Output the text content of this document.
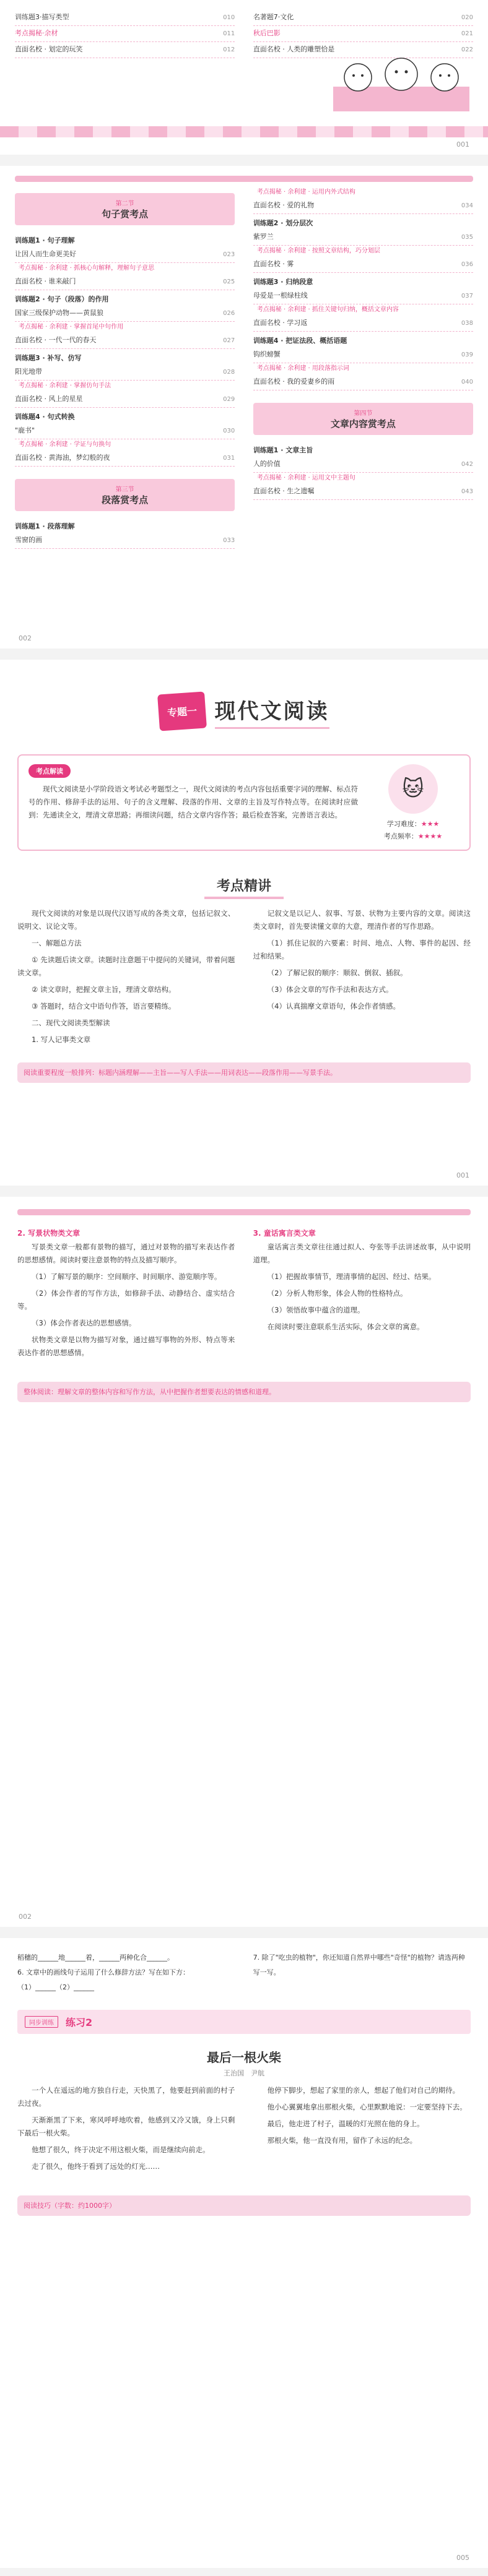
训练题3·描写类型	010
考点揭秘·余材	011
直面名校 · 划定的玩笑	012
名著题7·文化	020
秋后巴影	021
直面名校 · 人类的雕塑恰是	022
001
第二节
句子赏考点
训练题1 · 句子理解
让因人而生命更美好	023
考点揭秘 · 余利建 · 抓核心句解释，理解句子意思
直面名校 · 谁来敲门	025
训练题2 · 句子（段落）的作用
国家三级保护动物——黄鼠狼	026
考点揭秘 · 余利建 · 掌握首尾中句作用
直面名校 · 一代一代的春天	027
训练题3 · 补写、仿写
阳光地带	028
考点揭秘 · 余利建 · 掌握仿句手法
直面名校 · 风上的星星	029
训练题4 · 句式转换
"鹿书"	030
考点揭秘 · 余利建 · 学证与句换句
直面名校 · 黄海油，梦幻般的夜	031
第三节
段落赏考点
训练题1 · 段落理解
雪窗的画	033
考点揭秘 · 余利建 · 运用内外式结构
直面名校 · 爱的礼物	034
训练题2 · 划分层次
紫罗兰	035
考点揭秘 · 余利建 · 按照文章结构，巧分划层
直面名校 · 雾	036
训练题3 · 归纳段意
母爱是一根绿柱线	037
考点揭秘 · 余利建 · 抓住关键句归纳，概括文章内容
直面名校 · 学习返	038
训练题4 · 把证法段、概括语题
钩织螃蟹	039
考点揭秘 · 余利建 · 用段落指示词
直面名校 · 我的爱妻乡的雨	040
第四节
文章内容赏考点
训练题1 · 文章主旨
人的价值	042
考点揭秘 · 余利建 · 运用文中主题句
直面名校 · 生之遗嘱	043
002
专题一 现代文阅读
考点解读

现代文阅读是小学阶段语文考试必考题型之一，现代文阅读的考点内容包括重要字词的理解、标点符号的作用、修辞手法的运用、句子的含义理解、段落的作用、文章的主旨及写作特点等。在阅读时应做到：先通读全文，理清文章思路；再细读问题，结合文章内容作答；最后检查答案，完善语言表达。

🐱
学习难度：★★★
考点频率：★★★★
考点精讲

现代文阅读的对象是以现代汉语写成的各类文章，包括记叙文、说明文、议论文等。

一、解题总方法

① 先读题后读文章。读题时注意题干中提问的关键词，带着问题读文章。

② 读文章时，把握文章主旨，理清文章结构。

③ 答题时，结合文中语句作答，语言要精练。

二、现代文阅读类型解读

1. 写人记事类文章

记叙文是以记人、叙事、写景、状物为主要内容的文章。阅读这类文章时，首先要读懂文章的大意，理清作者的写作思路。

（1）抓住记叙的六要素：时间、地点、人物、事件的起因、经过和结果。

（2）了解记叙的顺序：顺叙、倒叙、插叙。

（3）体会文章的写作手法和表达方式。

（4）认真揣摩文章语句，体会作者情感。

阅读重要程度一般排列：标题内涵理解——主旨——写人手法——用词表达——段落作用——写景手法。
001
2. 写景状物类文章

写景类文章一般都有景物的描写，通过对景物的描写来表达作者的思想感情。阅读时要注意景物的特点及描写顺序。

（1）了解写景的顺序：空间顺序、时间顺序、游览顺序等。

（2）体会作者的写作方法，如修辞手法、动静结合、虚实结合等。

（3）体会作者表达的思想感情。

状物类文章是以物为描写对象，通过描写事物的外形、特点等来表达作者的思想感情。

3. 童话寓言类文章

童话寓言类文章往往通过拟人、夸张等手法讲述故事，从中说明道理。

（1）把握故事情节，理清事情的起因、经过、结果。

（2）分析人物形象，体会人物的性格特点。

（3）领悟故事中蕴含的道理。

在阅读时要注意联系生活实际，体会文章的寓意。

整体阅读：理解文章的整体内容和写作方法，从中把握作者想要表达的情感和道理。
002

稻穗的______地______着，______两种化合______。

6. 文章中的画线句子运用了什么修辞方法？写在如下方：

（1）______（2）______

7. 除了"吃虫的植物"，你还知道自然界中哪些"奇怪"的植物？请选两种写一写。

同步训练	练习2
最后一根火柴
王治国　尹航

一个人在遥远的地方独自行走，天快黑了，他要赶到前面的村子去过夜。

天渐渐黑了下来，寒风呼呼地吹着，他感到又冷又饿，身上只剩下最后一根火柴。

他想了很久，终于决定不用这根火柴，而是继续向前走。

走了很久，他终于看到了远处的灯光……

他停下脚步，想起了家里的亲人，想起了他们对自己的期待。

他小心翼翼地拿出那根火柴，心里默默地说：一定要坚持下去。

最后，他走进了村子，温暖的灯光照在他的身上。

那根火柴，他一直没有用，留作了永远的纪念。

阅读技巧（字数：约1000字）
005
